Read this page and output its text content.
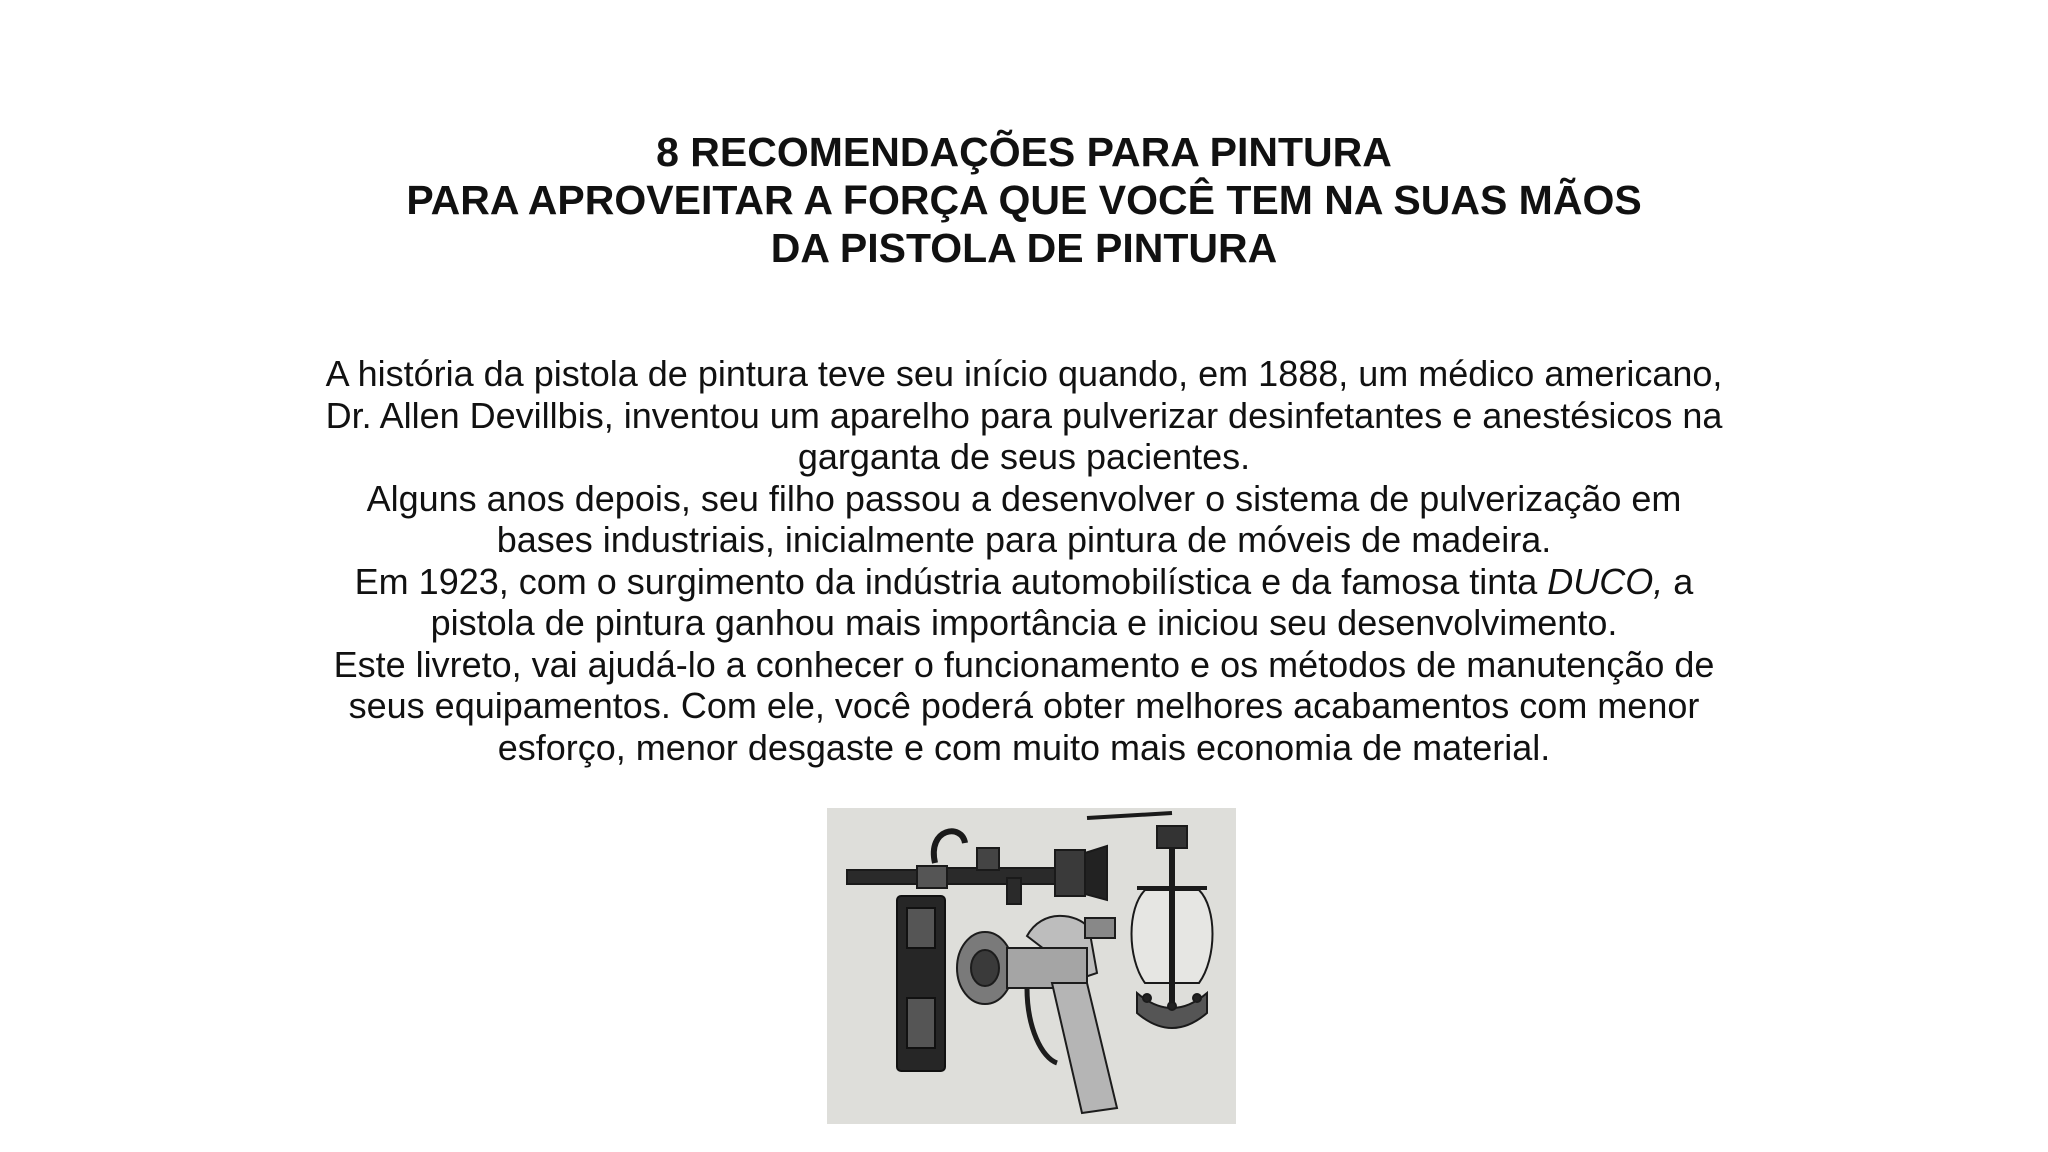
8 RECOMENDAÇÕES PARA PINTURA
PARA APROVEITAR A FORÇA QUE VOCÊ TEM NA SUAS MÃOS
DA PISTOLA DE PINTURA
A história da pistola de pintura teve seu início quando, em 1888, um médico americano,
Dr. Allen Devillbis, inventou um aparelho para pulverizar desinfetantes e anestésicos na
garganta de seus pacientes.
Alguns anos depois, seu filho passou a desenvolver o sistema de pulverização em
bases industriais, inicialmente para pintura de móveis de madeira.
Em 1923, com o surgimento da indústria automobilística e da famosa tinta DUCO, a
pistola de pintura ganhou mais importância e iniciou seu desenvolvimento.
Este livreto, vai ajudá-lo a conhecer o funcionamento e os métodos de manutenção de
seus equipamentos. Com ele, você poderá obter melhores acabamentos com menor
esforço, menor desgaste e com muito mais economia de material.
